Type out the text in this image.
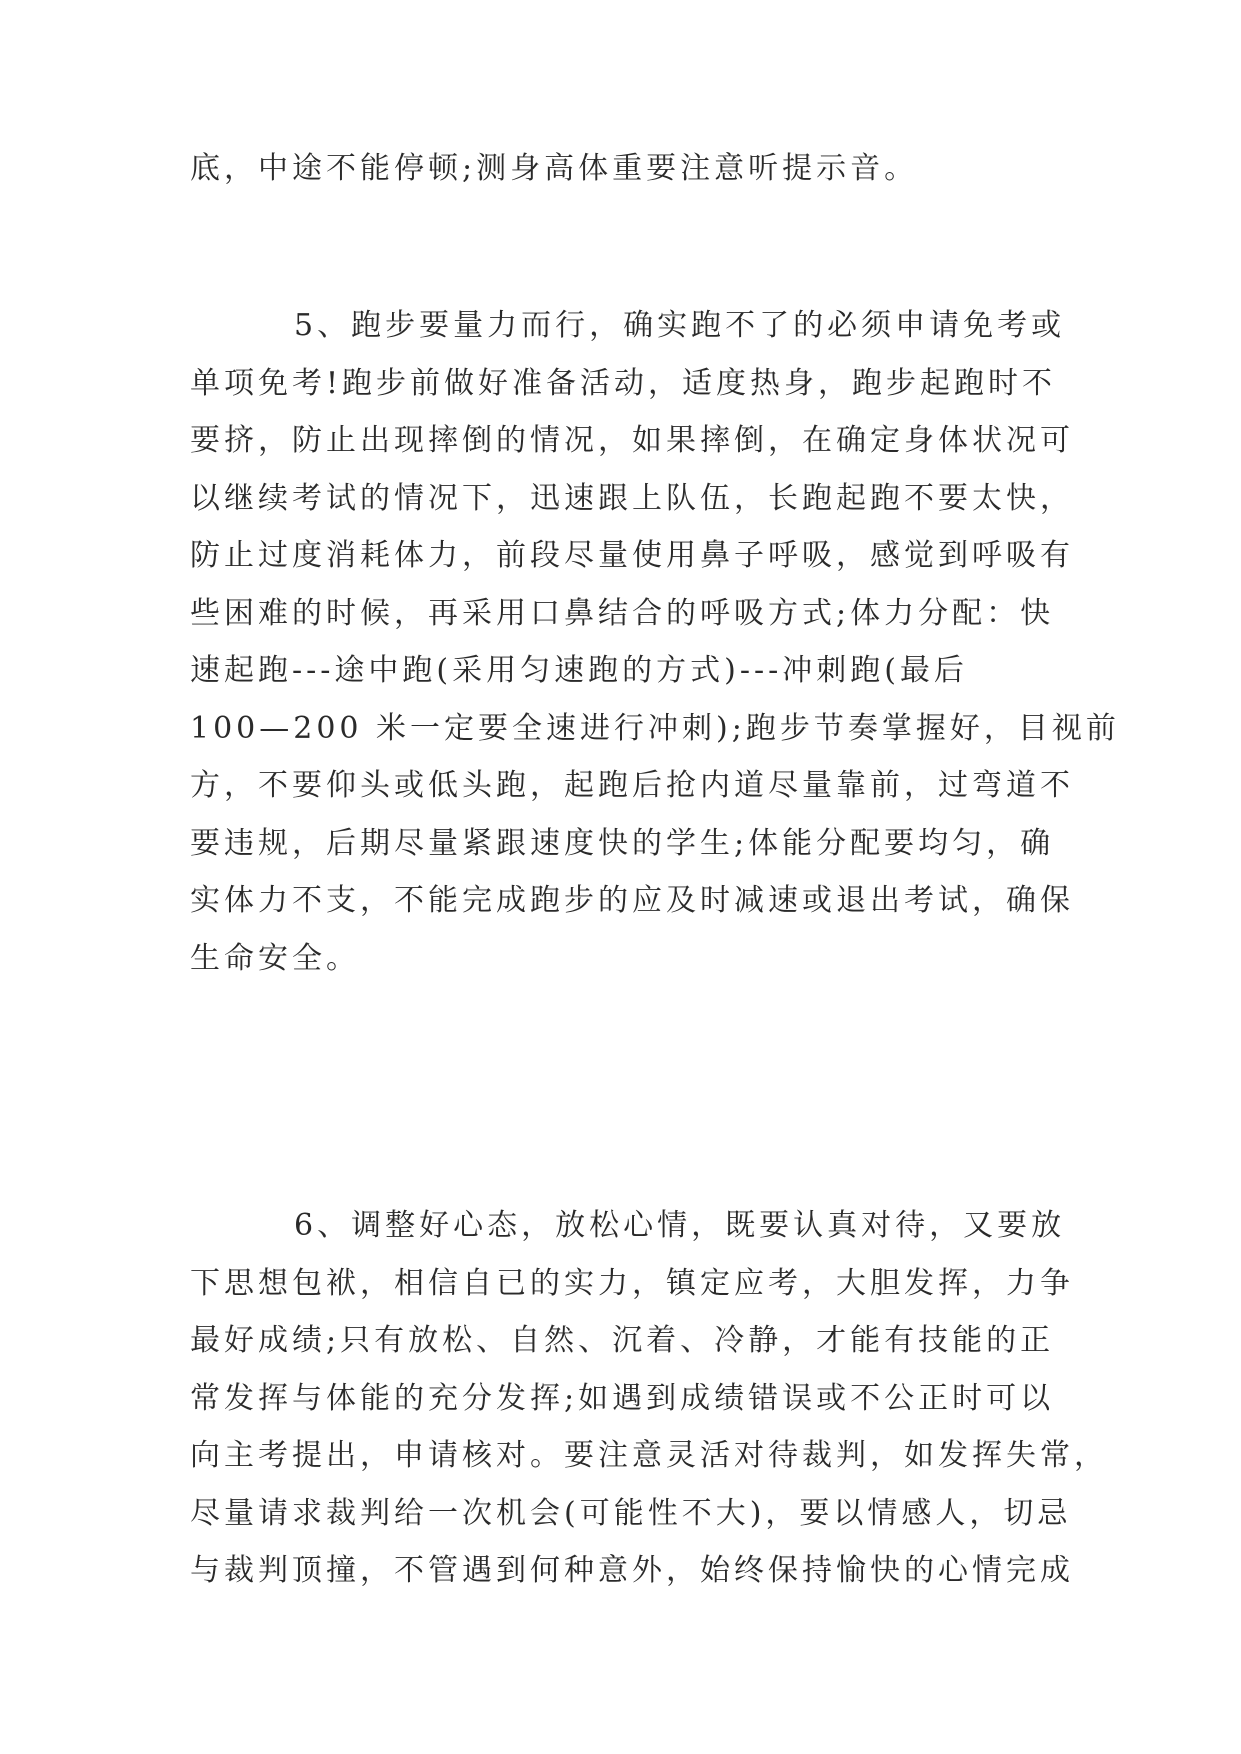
底，中途不能停顿;测身高体重要注意听提示音。
5、跑步要量力而行，确实跑不了的必须申请免考或
单项免考!跑步前做好准备活动，适度热身，跑步起跑时不
要挤，防止出现摔倒的情况，如果摔倒，在确定身体状况可
以继续考试的情况下，迅速跟上队伍，长跑起跑不要太快，
防止过度消耗体力，前段尽量使用鼻子呼吸，感觉到呼吸有
些困难的时候，再采用口鼻结合的呼吸方式;体力分配：快
速起跑---途中跑(采用匀速跑的方式)---冲刺跑(最后
100—200 米一定要全速进行冲刺);跑步节奏掌握好，目视前
方，不要仰头或低头跑，起跑后抢内道尽量靠前，过弯道不
要违规，后期尽量紧跟速度快的学生;体能分配要均匀，确
实体力不支，不能完成跑步的应及时减速或退出考试，确保
生命安全。
6、调整好心态，放松心情，既要认真对待，又要放
下思想包袱，相信自已的实力，镇定应考，大胆发挥，力争
最好成绩;只有放松、自然、沉着、冷静，才能有技能的正
常发挥与体能的充分发挥;如遇到成绩错误或不公正时可以
向主考提出，申请核对。要注意灵活对待裁判，如发挥失常，
尽量请求裁判给一次机会(可能性不大)，要以情感人，切忌
与裁判顶撞，不管遇到何种意外，始终保持愉快的心情完成
